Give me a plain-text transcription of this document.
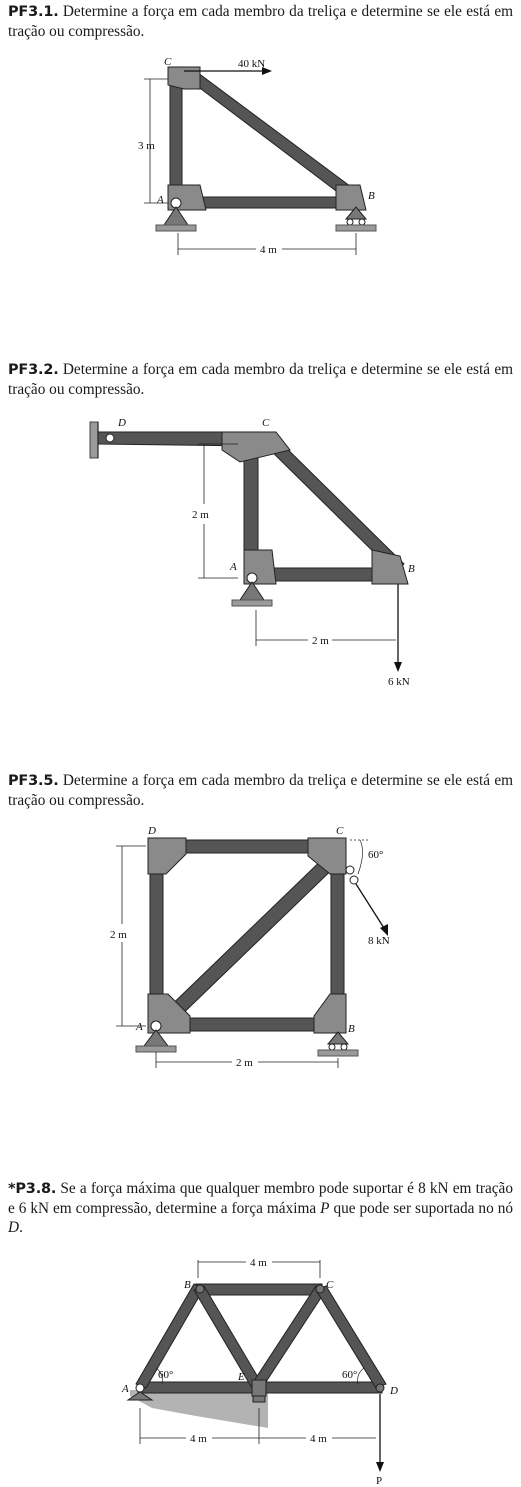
PF3.1. Determine a força em cada membro da treliça e determine se ele está em tração ou compressão.
3 m
40 kN
C
A	B
4 m
PF3.2. Determine a força em cada membro da treliça e determine se ele está em tração ou compressão.
D	C
A	B
2 m
2 m
6 kN
PF3.5. Determine a força em cada membro da treliça e determine se ele está em tração ou compressão.
60°
8 kN
D	C
A	B
2 m
2 m
*P3.8. Se a força máxima que qualquer membro pode suportar é 8 kN em tração e 6 kN em compressão, determine a força máxima P que pode ser suportada no nó D.
4 m
60°	60°
B	C
A
E
D
P
4 m	4 m
